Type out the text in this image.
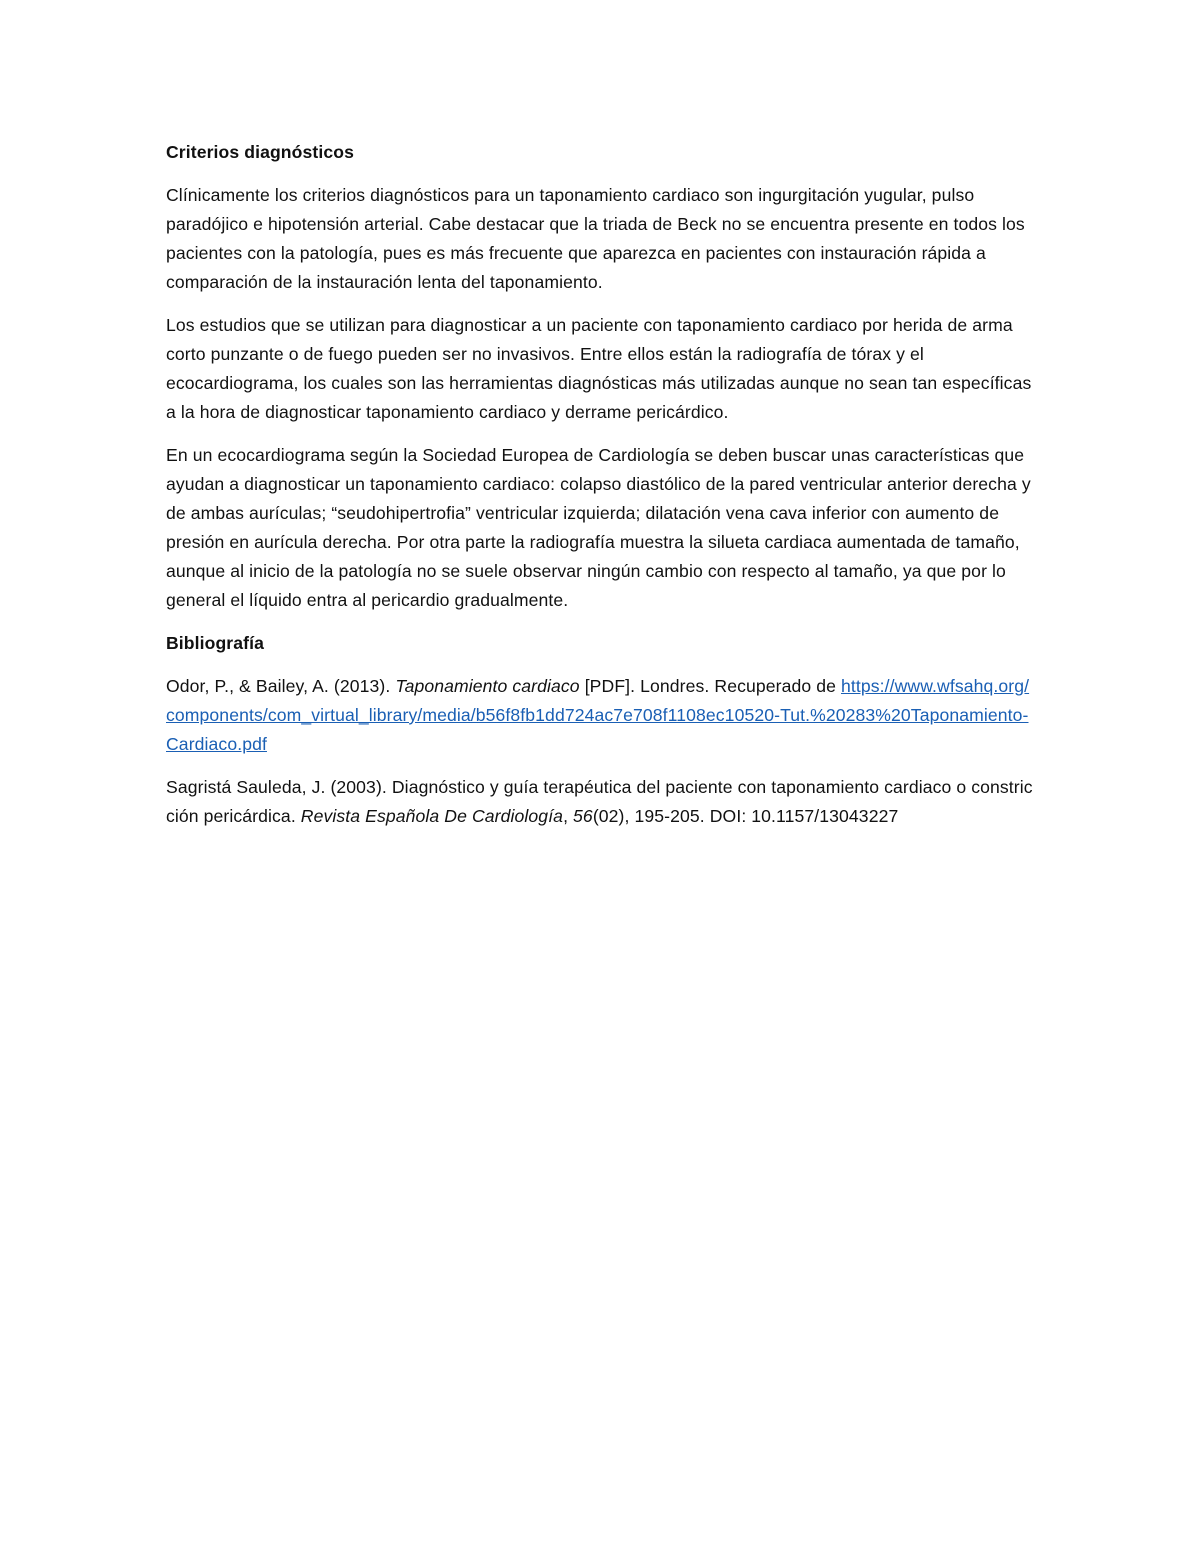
Criterios diagnósticos

Clínicamente los criterios diagnósticos para un taponamiento cardiaco son ingurgitación yugular, pulso paradójico e hipotensión arterial. Cabe destacar que la triada de Beck no se encuentra presente en todos los pacientes con la patología, pues es más frecuente que aparezca en pacientes con instauración rápida a comparación de la instauración lenta del taponamiento.

Los estudios que se utilizan para diagnosticar a un paciente con taponamiento cardiaco por herida de arma corto punzante o de fuego pueden ser no invasivos. Entre ellos están la radiografía de tórax y el ecocardiograma, los cuales son las herramientas diagnósticas más utilizadas aunque no sean tan específicas a la hora de diagnosticar taponamiento cardiaco y derrame pericárdico.

En un ecocardiograma según la Sociedad Europea de Cardiología se deben buscar unas características que ayudan a diagnosticar un taponamiento cardiaco: colapso diastólico de la pared ventricular anterior derecha y de ambas aurículas; “seudohipertrofia” ventricular izquierda; dilatación vena cava inferior con aumento de presión en aurícula derecha. Por otra parte la radiografía muestra la silueta cardiaca aumentada de tamaño, aunque al inicio de la patología no se suele observar ningún cambio con respecto al tamaño, ya que por lo general el líquido entra al pericardio gradualmente.

Bibliografía

Odor, P., & Bailey, A. (2013). Taponamiento cardiaco [PDF]. Londres. Recuperado de https://www.wfsahq.org/components/com_virtual_library/media/b56f8fb1dd724ac7e708f1108ec10520-Tut.%20283%20Taponamiento-Cardiaco.pdf

Sagristá Sauleda, J. (2003). Diagnóstico y guía terapéutica del paciente con taponamiento cardiaco o constricción pericárdica. Revista Española De Cardiología, 56(02), 195-205. DOI: 10.1157/13043227
